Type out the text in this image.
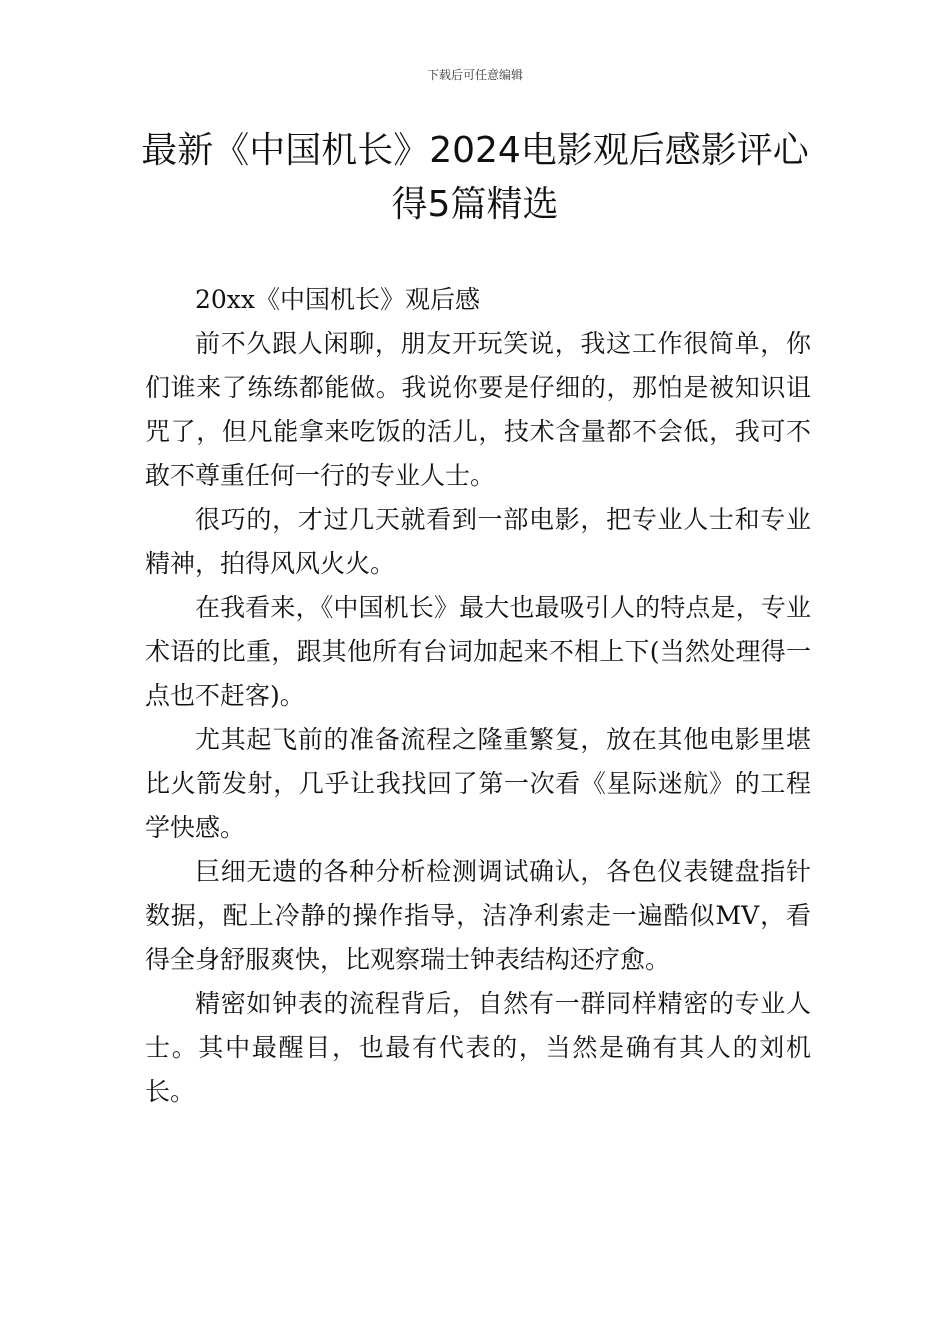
下载后可任意编辑
最新《中国机长》2024电影观后感影评心
得5篇精选

20xx《中国机长》观后感

前不久跟人闲聊，朋友开玩笑说，我这工作很简单，你们谁来了练练都能做。我说你要是仔细的，那怕是被知识诅咒了，但凡能拿来吃饭的活儿，技术含量都不会低，我可不敢不尊重任何一行的专业人士。

很巧的，才过几天就看到一部电影，把专业人士和专业精神，拍得风风火火。

在我看来，《中国机长》最大也最吸引人的特点是，专业术语的比重，跟其他所有台词加起来不相上下(当然处理得一点也不赶客)。

尤其起飞前的准备流程之隆重繁复，放在其他电影里堪比火箭发射，几乎让我找回了第一次看《星际迷航》的工程学快感。

巨细无遗的各种分析检测调试确认，各色仪表键盘指针数据，配上冷静的操作指导，洁净利索走一遍酷似MV，看得全身舒服爽快，比观察瑞士钟表结构还疗愈。

精密如钟表的流程背后，自然有一群同样精密的专业人士。其中最醒目，也最有代表的，当然是确有其人的刘机长。
